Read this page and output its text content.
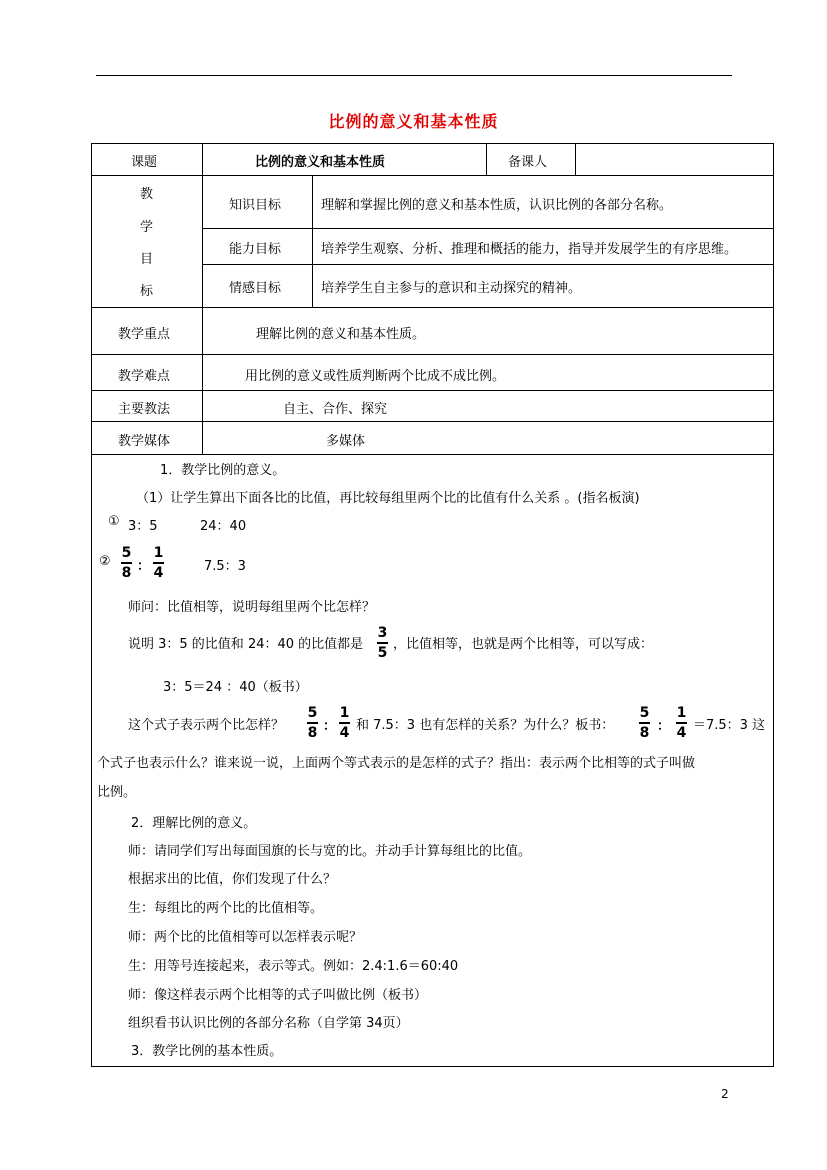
比例的意义和基本性质
课题	比例的意义和基本性质	备课人
教
学
目
标
知识目标	理解和掌握比例的意义和基本性质，认识比例的各部分名称。
能力目标	培养学生观察、分析、推理和概括的能力，指导并发展学生的有序思维。
情感目标	培养学生自主参与的意识和主动探究的精神。
教学重点	理解比例的意义和基本性质。
教学难点	用比例的意义或性质判断两个比成不成比例。
主要教法	自主、合作、探究
教学媒体	多媒体
1．教学比例的意义。
（1）让学生算出下面各比的比值，再比较每组里两个比的比值有什么关系 。(指名板演)
① 3：5	24：40
②
5
8 ：
1
4	7.5：3
师问：比值相等，说明每组里两个比怎样？
说明 3：5 的比值和 24：40 的比值都是
3
5 ，比值相等，也就是两个比相等，可以写成：
3：5＝24 ：40（板书）
这个式子表示两个比怎样？
5
8 ：
1
4 和 7.5：3 也有怎样的关系？为什么？板书：
5
8 ：
1
4 ＝7.5：3 这
个式子也表示什么？谁来说一说，上面两个等式表示的是怎样的式子？指出：表示两个比相等的式子叫做
比例。
2．理解比例的意义。
师：请同学们写出每面国旗的长与宽的比。并动手计算每组比的比值。
根据求出的比值，你们发现了什么？
生：每组比的两个比的比值相等。
师：两个比的比值相等可以怎样表示呢？
生：用等号连接起来，表示等式。例如：2.4:1.6＝60:40
师：像这样表示两个比相等的式子叫做比例（板书）
组织看书认识比例的各部分名称（自学第 34页）
3．教学比例的基本性质。
2
